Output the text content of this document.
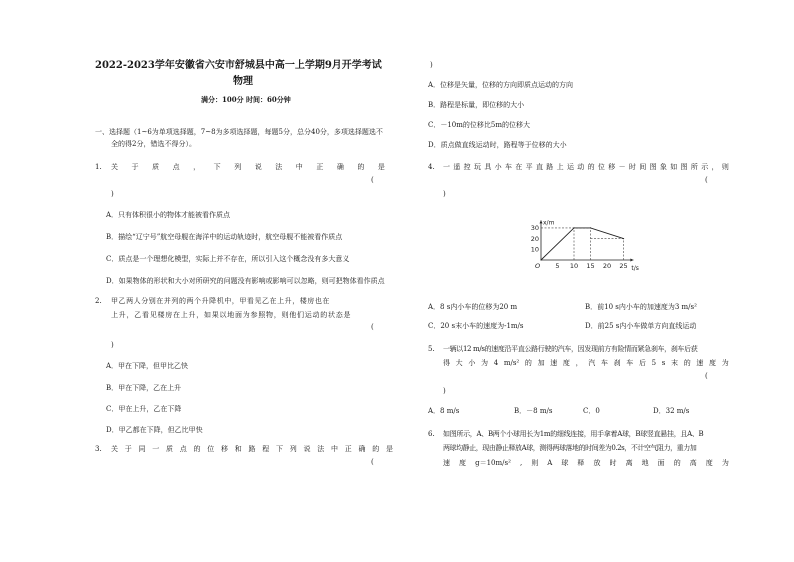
2022-2023学年安徽省六安市舒城县中高一上学期9月开学考试
物理
满分：100分 时间：60分钟
一、选择题（1~6为单项选择题，7~8为多项选择题，每题5分，总分40分，多项选择题选不
全的得2分，错选不得分）。
1. 关 于 质 点 ， 下 列 说 法 中 正 确 的 是
(
)
A．只有体积很小的物体才能被看作质点
B．描绘“辽宁号”航空母舰在海洋中的运动轨迹时，航空母舰不能被看作质点
C．质点是一个理想化模型，实际上并不存在，所以引入这个概念没有多大意义
D．如果物体的形状和大小对所研究的问题没有影响或影响可以忽略，则可把物体看作质点
2. 甲乙两人分别在并列的两个升降机中，甲看见乙在上升，楼房也在
上升，乙看见楼房在上升，如果以地面为参照物，则他们运动的状态是
(
)
A．甲在下降，但甲比乙快
B．甲在下降，乙在上升
C．甲在上升，乙在下降
D．甲乙都在下降，但乙比甲快
3. 关 于 同 一 质 点 的 位 移 和 路 程 下 列 说 法 中 正 确 的 是
(
)
A．位移是矢量，位移的方向即质点运动的方向
B．路程是标量，即位移的大小
C．－10m的位移比5m的位移大
D．质点做直线运动时，路程等于位移的大小
4. 一 遥 控 玩 具 小 车 在 平 直 路 上 运 动 的 位 移 － 时 间 图 象 如 图 所 示 ， 则
(
)
5 10 15 20 25
10
20
30
O	t/s
x/m
A．8 s内小车的位移为20 m	B．前10 s内小车的加速度为3 m/s²
C．20 s末小车的速度为-1m/s	D．前25 s内小车做单方向直线运动
5. 一辆以12 m/s的速度沿平直公路行驶的汽车，因发现前方有险情而紧急刹车，刹车后获
得 大 小 为 4 m/s² 的 加 速 度 ， 汽 车 刹 车 后 5 s 末 的 速 度 为
(
)
A．8 m/s	B．－8 m/s	C．0	D．32 m/s
6. 如图所示，A、B两个小球用长为1m的细线连接，用手拿着A球，B球竖直悬挂，且A、B
两球均静止，现由静止释放A球，测得两球落地的时间差为0.2s，不计空气阻力，重力加
速 度 g＝10m/s² , 则 A 球 释 放 时 离 地 面 的 高 度 为
